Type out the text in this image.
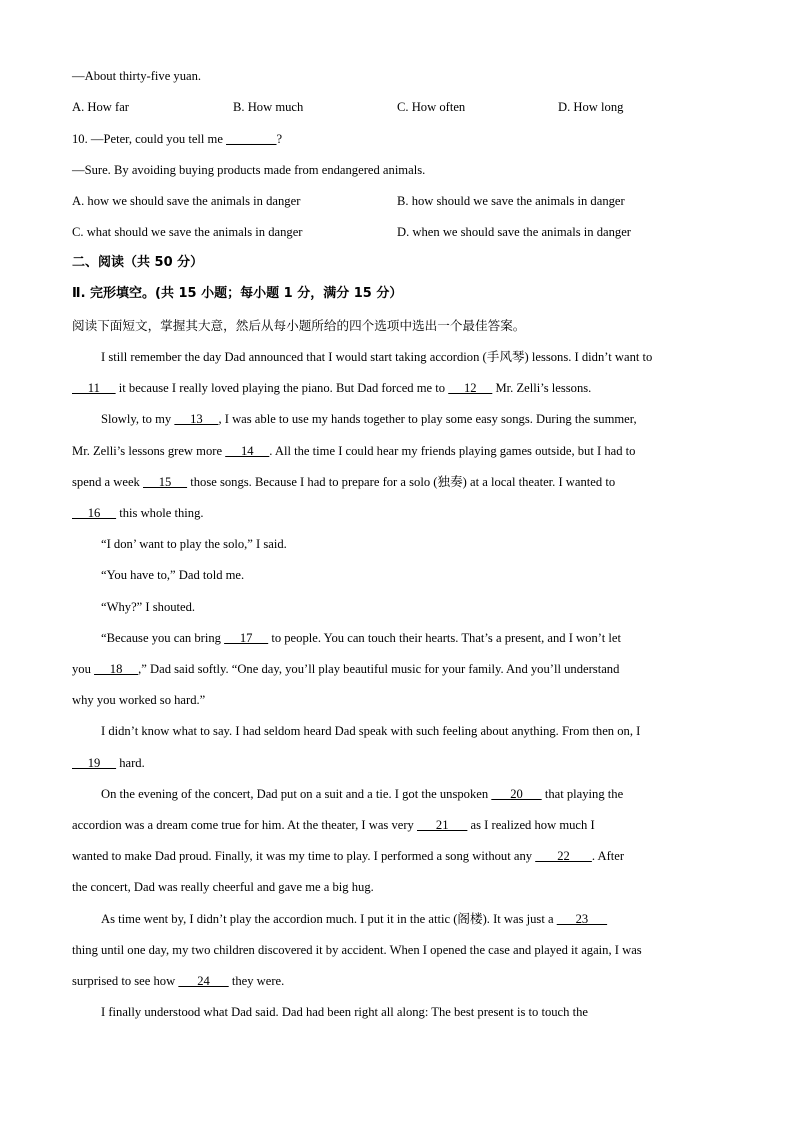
—About thirty-five yuan.
A. How far	B. How much	C. How often	D. How long
10. —Peter, could you tell me ________?
—Sure. By avoiding buying products made from endangered animals.
A. how we should save the animals in danger	B. how should we save the animals in danger
C. what should we save the animals in danger	D. when we should save the animals in danger
二、阅读（共 50 分）
Ⅱ. 完形填空。(共 15 小题；每小题 1 分，满分 15 分）
阅读下面短文，掌握其大意，然后从每小题所给的四个选项中选出一个最佳答案。
I still remember the day Dad announced that I would start taking accordion (手风琴) lessons. I didn’t want to
11      it because I really loved playing the piano. But Dad forced me to      12      Mr. Zelli’s lessons.
Slowly, to my      13     , I was able to use my hands together to play some easy songs. During the summer,
Mr. Zelli’s lessons grew more      14     . All the time I could hear my friends playing games outside, but I had to
spend a week      15      those songs. Because I had to prepare for a solo (独奏) at a local theater. I wanted to
16      this whole thing.
“I don’ want to play the solo,” I said.
“You have to,” Dad told me.
“Why?” I shouted.
“Because you can bring      17      to people. You can touch their hearts. That’s a present, and I won’t let
you      18     ,” Dad said softly. “One day, you’ll play beautiful music for your family. And you’ll understand
why you worked so hard.”
I didn’t know what to say. I had seldom heard Dad speak with such feeling about anything. From then on, I
19      hard.
On the evening of the concert, Dad put on a suit and a tie. I got the unspoken       20       that playing the
accordion was a dream come true for him. At the theater, I was very       21       as I realized how much I
wanted to make Dad proud. Finally, it was my time to play. I performed a song without any        22       . After
the concert, Dad was really cheerful and gave me a big hug.
As time went by, I didn’t play the accordion much. I put it in the attic (阁楼). It was just a       23
thing until one day, my two children discovered it by accident. When I opened the case and played it again, I was
surprised to see how       24       they were.
I finally understood what Dad said. Dad had been right all along: The best present is to touch the
